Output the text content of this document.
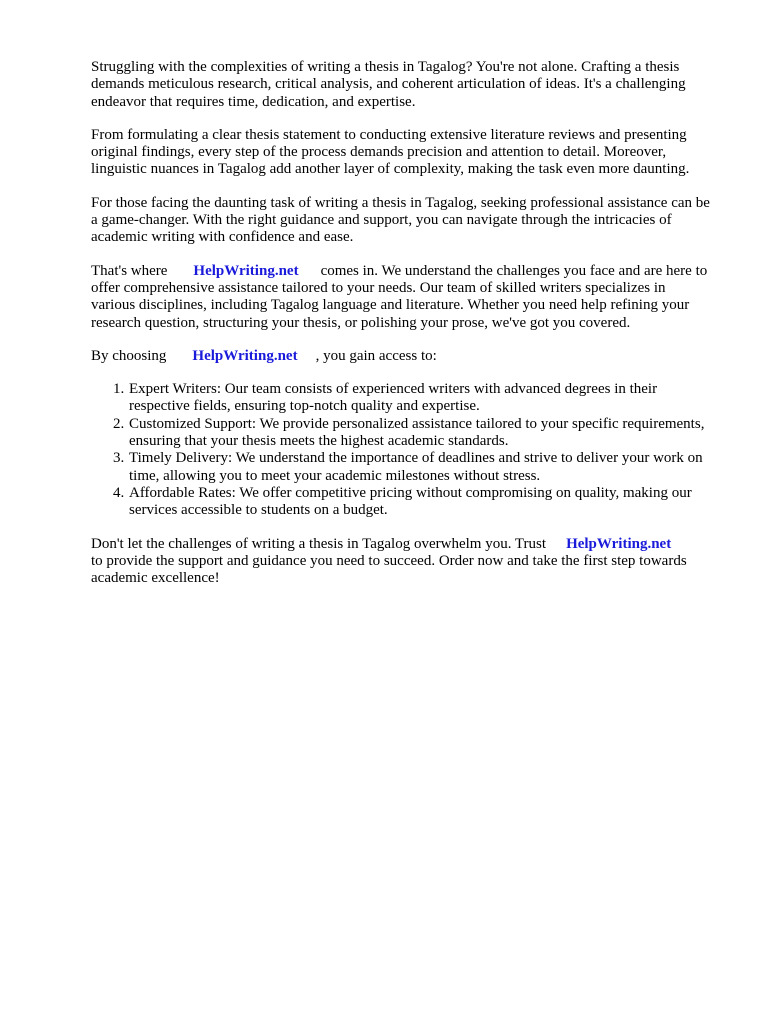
Struggling with the complexities of writing a thesis in Tagalog? You're not alone. Crafting a thesis demands meticulous research, critical analysis, and coherent articulation of ideas. It's a challenging endeavor that requires time, dedication, and expertise.

From formulating a clear thesis statement to conducting extensive literature reviews and presenting original findings, every step of the process demands precision and attention to detail. Moreover, linguistic nuances in Tagalog add another layer of complexity, making the task even more daunting.

For those facing the daunting task of writing a thesis in Tagalog, seeking professional assistance can be a game-changer. With the right guidance and support, you can navigate through the intricacies of academic writing with confidence and ease.

That's where HelpWriting.net comes in. We understand the challenges you face and are here to offer comprehensive assistance tailored to your needs. Our team of skilled writers specializes in various disciplines, including Tagalog language and literature. Whether you need help refining your research question, structuring your thesis, or polishing your prose, we've got you covered.

By choosing HelpWriting.net , you gain access to:

1. Expert Writers: Our team consists of experienced writers with advanced degrees in their respective fields, ensuring top-notch quality and expertise.
2. Customized Support: We provide personalized assistance tailored to your specific requirements, ensuring that your thesis meets the highest academic standards.
3. Timely Delivery: We understand the importance of deadlines and strive to deliver your work on time, allowing you to meet your academic milestones without stress.
4. Affordable Rates: We offer competitive pricing without compromising on quality, making our services accessible to students on a budget.

Don't let the challenges of writing a thesis in Tagalog overwhelm you. Trust HelpWriting.net
to provide the support and guidance you need to succeed. Order now and take the first step towards academic excellence!
